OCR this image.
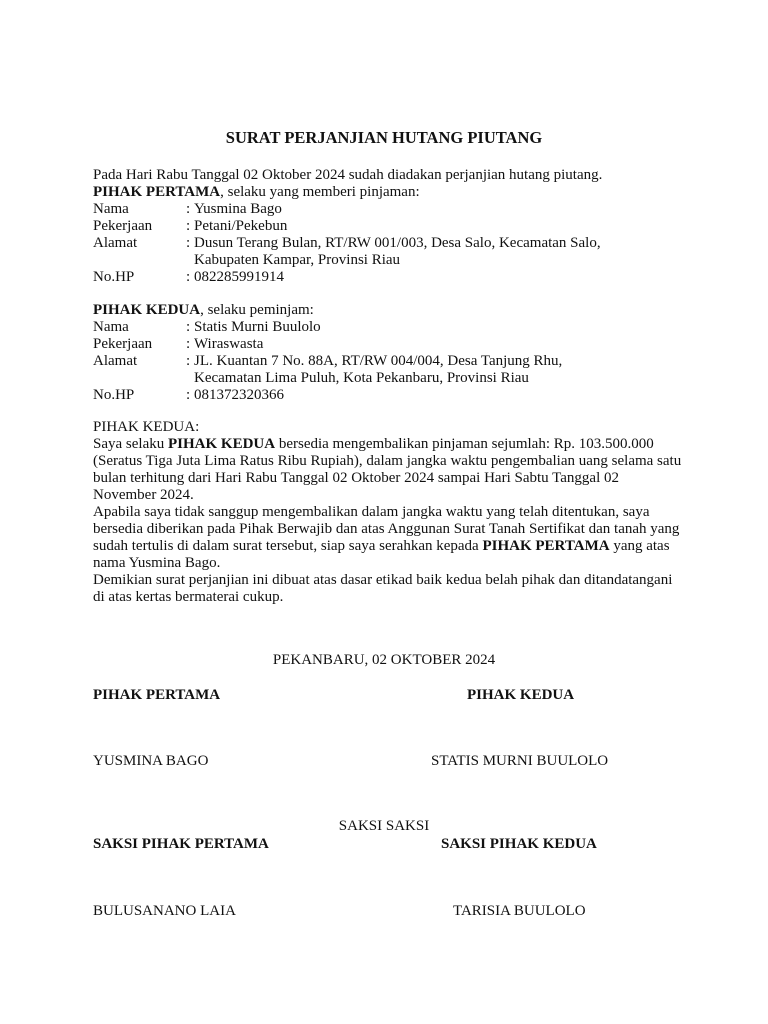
SURAT PERJANJIAN HUTANG PIUTANG
Pada Hari Rabu Tanggal 02 Oktober 2024 sudah diadakan perjanjian hutang piutang.
PIHAK PERTAMA, selaku yang memberi pinjaman:
Nama	: Yusmina Bago
Pekerjaan : Petani/Pekebun
Alamat	: Dusun Terang Bulan, RT/RW 001/003, Desa Salo, Kecamatan Salo,
Kabupaten Kampar, Provinsi Riau
No.HP	: 082285991914
PIHAK KEDUA, selaku peminjam:
Nama	: Statis Murni Buulolo
Pekerjaan : Wiraswasta
Alamat	: JL. Kuantan 7 No. 88A, RT/RW 004/004, Desa Tanjung Rhu,
Kecamatan Lima Puluh, Kota Pekanbaru, Provinsi Riau
No.HP	: 081372320366

PIHAK KEDUA:

Saya selaku PIHAK KEDUA bersedia mengembalikan pinjaman sejumlah: Rp. 103.500.000 (Seratus Tiga Juta Lima Ratus Ribu Rupiah), dalam jangka waktu pengembalian uang selama satu bulan terhitung dari Hari Rabu Tanggal 02 Oktober 2024 sampai Hari Sabtu Tanggal 02 November 2024.

Apabila saya tidak sanggup mengembalikan dalam jangka waktu yang telah ditentukan, saya bersedia diberikan pada Pihak Berwajib dan atas Anggunan Surat Tanah Sertifikat dan tanah yang sudah tertulis di dalam surat tersebut, siap saya serahkan kepada PIHAK PERTAMA yang atas nama Yusmina Bago.

Demikian surat perjanjian ini dibuat atas dasar etikad baik kedua belah pihak dan ditandatangani di atas kertas bermaterai cukup.

PEKANBARU, 02 OKTOBER 2024
PIHAK PERTAMA	PIHAK KEDUA
YUSMINA BAGO	STATIS MURNI BUULOLO
SAKSI SAKSI
SAKSI PIHAK PERTAMA	SAKSI PIHAK KEDUA
BULUSANANO LAIA	TARISIA BUULOLO
